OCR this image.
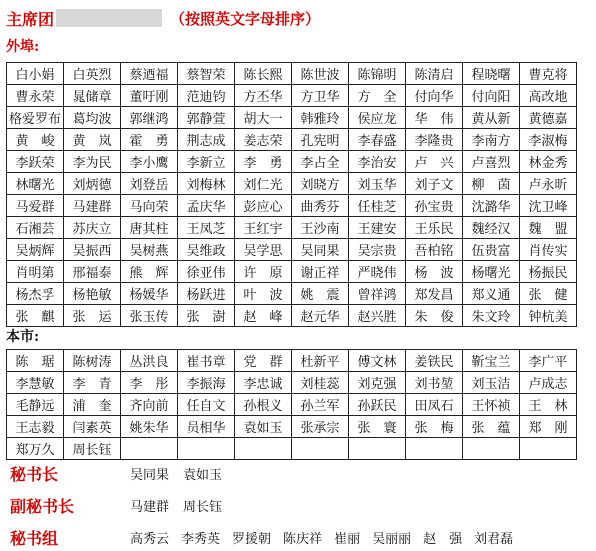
主席团	（按照英文字母排序）
外埠:
白小娟	白英烈	蔡迺福	蔡智荣	陈长熙	陈世波	陈锦明	陈清启	程晓曙	曹克将
曹永荣	晁储章	董吁刚	范迪钧	方丕华	方卫华	方　全	付向华	付向阳	高改地
格爱罗布	葛均波	郭继鸿	郭静萱	胡大一	韩雅玲	侯应龙	华　伟	黄从新	黄德嘉
黄　峻	黄　岚	霍　勇	荆志成	姜志荣	孔宪明	李春盛	李隆贵	李南方	李淑梅
李跃荣	李为民	李小鹰	李新立	李　勇	李占全	李治安	卢　兴	卢喜烈	林金秀
林曙光	刘炳德	刘登岳	刘梅林	刘仁光	刘晓方	刘玉华	刘子文	柳　茵	卢永昕
马爱群	马建群	马向荣	孟庆华	彭应心	曲秀芬	任桂芝	孙宝贵	沈潞华	沈卫峰
石湘芸	苏庆立	唐其柱	王凤芝	王红宇	王沙南	王建安	王乐民	魏经汉	魏　盟
吴炳辉	吴振西	吴树燕	吴维政	吴学思	吴同果	吴宗贵	吾柏铭	伍贵富	肖传实
肖明第	邢福泰	熊　辉	徐亚伟	许　原	谢正祥	严晓伟	杨　波	杨曙光	杨振民
杨杰孚	杨艳敏	杨媛华	杨跃进	叶　波	姚　震	曾祥鸿	郑发昌	郑义通	张　健
张　麒	张　运	张玉传	张　澍	赵　峰	赵元华	赵兴胜	朱　俊	朱文玲	钟杭美
本市:
陈　琚	陈树涛	丛洪良	崔书章	党　群	杜新平	傅文林	姜铁民	靳宝兰	李广平
李慧敏	李　青	李　彤	李振海	李忠诚	刘桂蕊	刘克强	刘书堃	刘玉洁	卢成志
毛静远	浦　奎	齐向前	任自文	孙根义	孙兰军	孙跃民	田凤石	王怀祯	王　林
王志毅	闫素英	姚朱华	员相华	袁如玉	张承宗	张　寰	张　梅	张　蕴	郑　刚
郑万久	周长钰								
秘书长	吴同果 袁如玉
副秘书长	马建群 周长钰
秘书组	高秀云 李秀英 罗援朝 陈庆祥 崔丽 吴丽丽 赵　强 刘君磊
